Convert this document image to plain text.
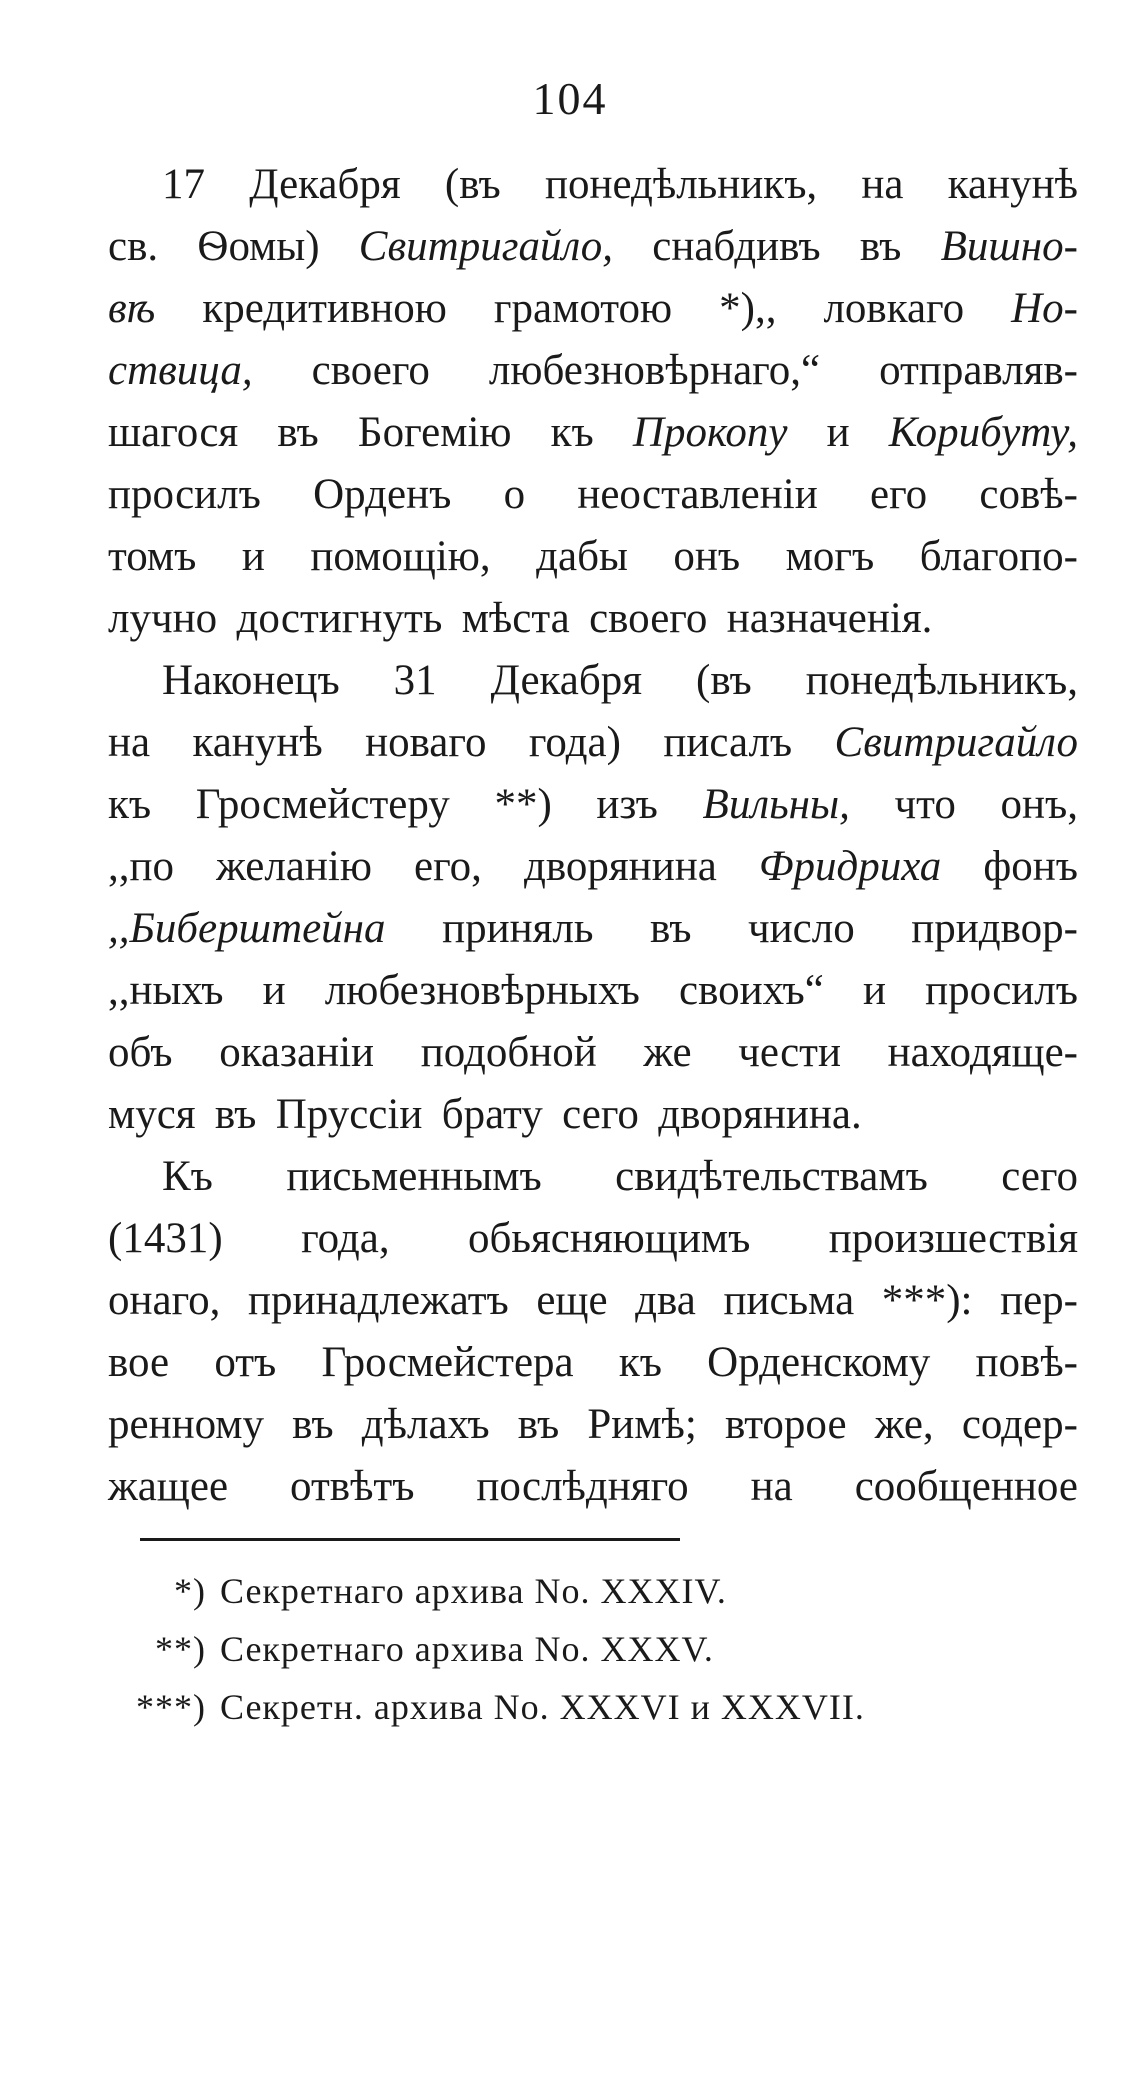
104
17 Декабря (въ понедѣльникъ, на канунѣ
св. Ѳомы) Свитригайло, снабдивъ въ Вишно-
вѣ кредитивною грамотою *),, ловкаго Но-
ствица, своего любезновѣрнаго,“ отправляв-
шагося въ Богемію къ Прокопу и Корибуту,
просилъ Орденъ о неоставленіи его совѣ-
томъ и помощію, дабы онъ могъ благопо-
лучно достигнуть мѣста своего назначенія.
Наконецъ 31 Декабря (въ понедѣльникъ,
на канунѣ новаго года) писалъ Свитригайло
къ Гросмейстеру **) изъ Вильны, что онъ,
,,по желанію его, дворянина Фридриха фонъ
,,Биберштейна приняль въ число придвор-
,,ныхъ и любезновѣрныхъ своихъ“ и просилъ
объ оказаніи подобной же чести находяще-
муся въ Пруссіи брату сего дворянина.
Къ письменнымъ свидѣтельствамъ сего
(1431) года, обьясняющимъ произшествія
онаго, принадлежатъ еще два письма ***): пер-
вое отъ Гросмейстера къ Орденскому повѣ-
ренному въ дѣлахъ въ Римѣ; второе же, содер-
жащее отвѣтъ послѣдняго на сообщенное
*) Секретнаго архива No. XXXIV.
**) Секретнаго архива No. XXXV.
***) Секретн. архива No. XXXVI и XXXVII.
